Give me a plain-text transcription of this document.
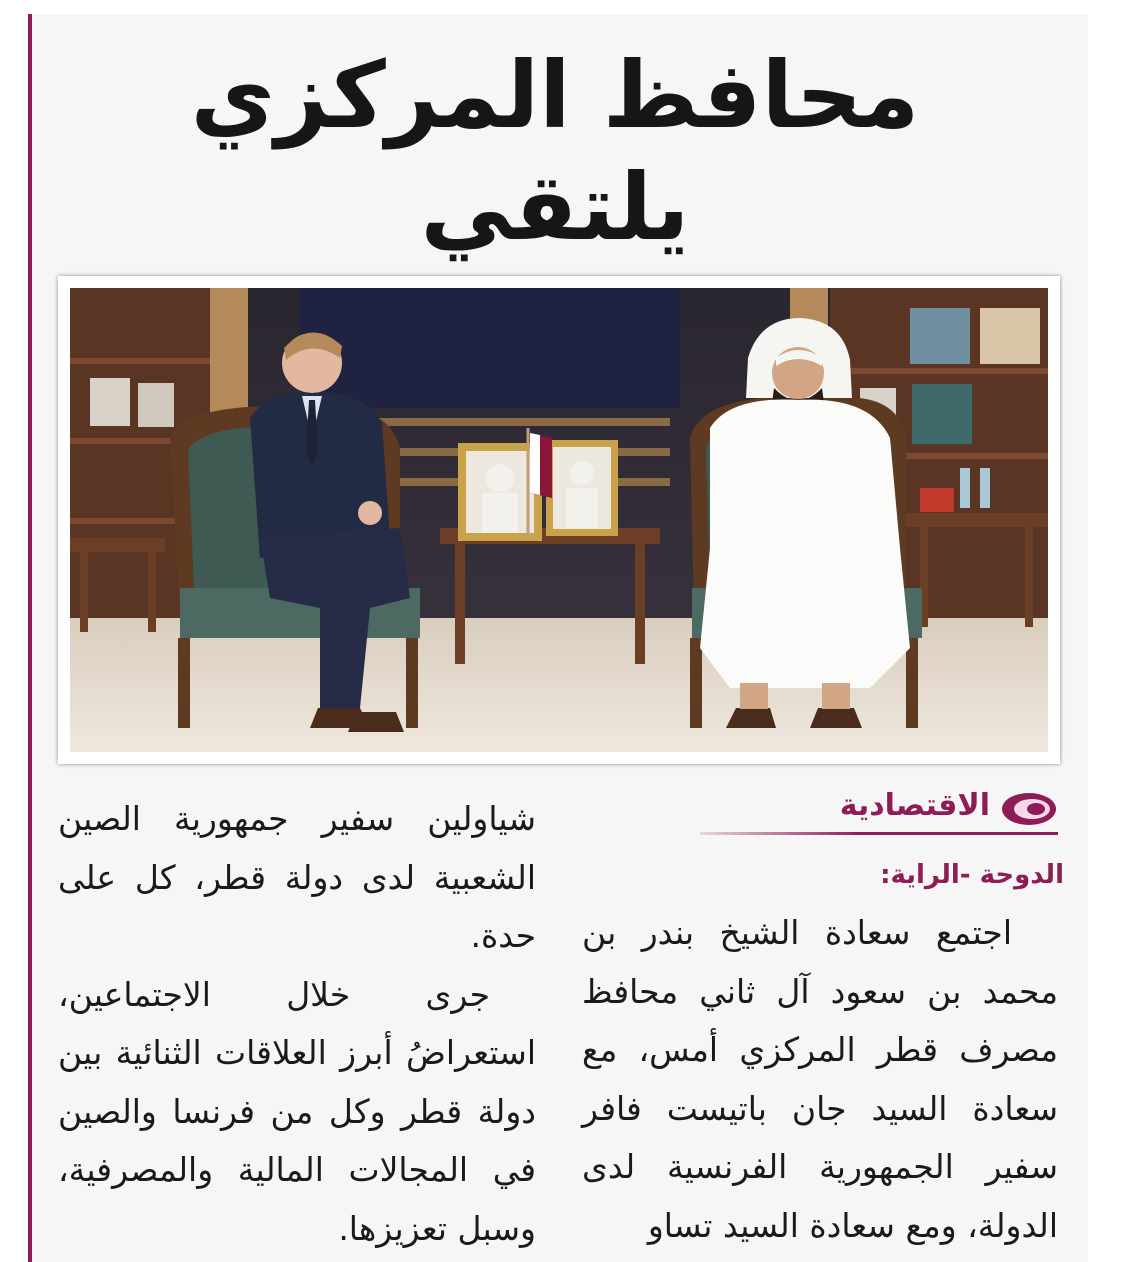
محافظ المركزي يلتقي
الاقتصادية
الدوحة -الراية:

اجتمع سعادة الشيخ بندر بن محمد بن سعود آل ثاني محافظ مصرف قطر المركزي أمس، مع سعادة السيد جان باتيست فافر سفير الجمهورية الفرنسية لدى الدولة، ومع سعادة السيد تساو

شياولين سفير جمهورية الصين الشعبية لدى دولة قطر، كل على حدة.

جرى خلال الاجتماعين، استعراضُ أبرز العلاقات الثنائية بين دولة قطر وكل من فرنسا والصين في المجالات المالية والمصرفية، وسبل تعزيزها.
